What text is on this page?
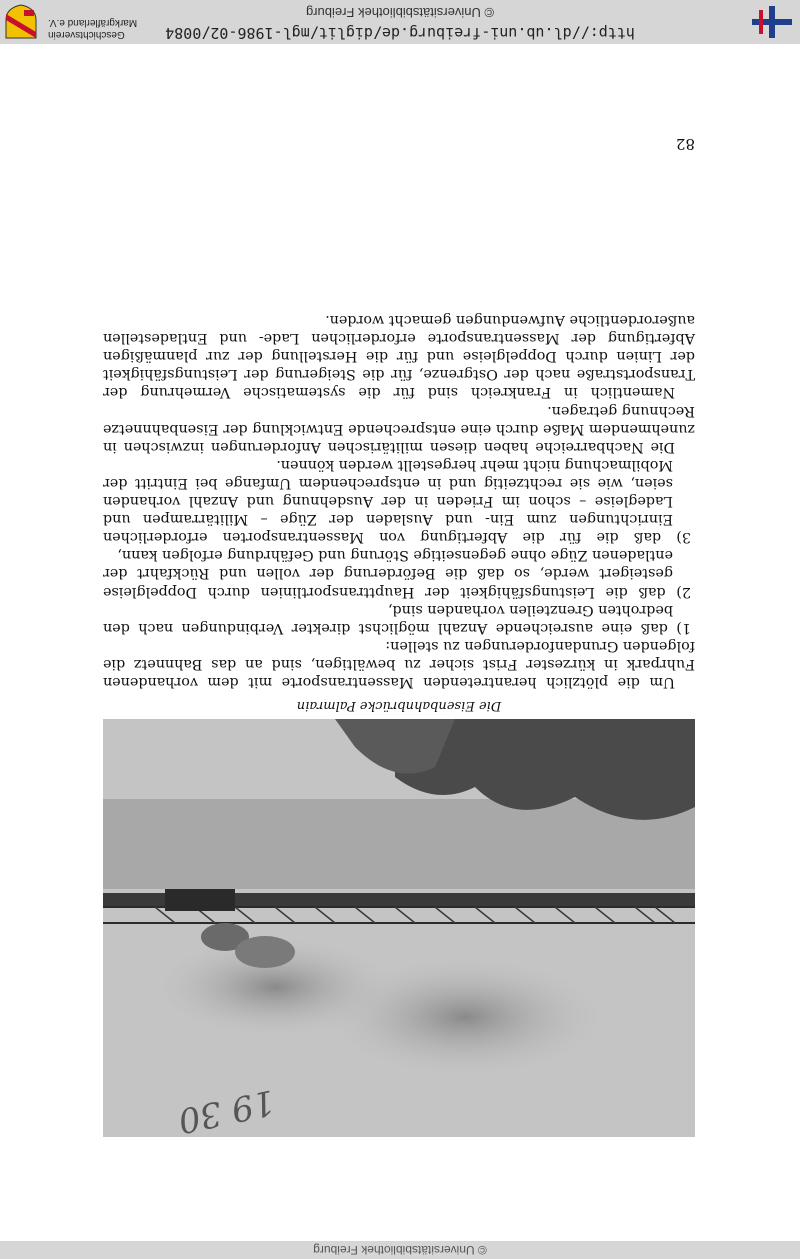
http://dl.ub.uni-freiburg.de/diglit/mgl-1986-02/0084
© Universitätsbibliothek Freiburg
Geschichtsverein
Markgräflerland e.V.
19 30
Die Eisenbahnbrücke Palmrain

Um die plötzlich herantretenden Massentransporte mit dem vorhandenen Fuhrpark in kürzester Frist sicher zu bewältigen, sind an das Bahnnetz die folgenden Grundanforderungen zu stellen:

1) daß eine ausreichende Anzahl möglichst direkter Verbindungen nach den bedrohten Grenzteilen vorhanden sind,

2) daß die Leistungsfähigkeit der Haupttransportlinien durch Doppelgleise gesteigert werde, so daß die Beförderung der vollen und Rückfahrt der entladenen Züge ohne gegenseitige Störung und Gefährdung erfolgen kann,

3) daß die für die Abfertigung von Massentransporten erforderlichen Einrichtungen zum Ein- und Ausladen der Züge – Militärrampen und Ladegleise – schon im Frieden in der Ausdehnung und Anzahl vorhanden seien, wie sie rechtzeitig und in entsprechendem Umfange bei Eintritt der Mobilmachung nicht mehr hergestellt werden können.

Die Nachbarreiche haben diesen militärischen Anforderungen inzwischen in zunehmendem Maße durch eine entsprechende Entwicklung der Eisenbahnnetze Rechnung getragen.

Namentlich in Frankreich sind für die systematische Vermehrung der Transportstraße nach der Ostgrenze, für die Steigerung der Leistungsfähigkeit der Linien durch Doppelgleise und für die Herstellung der zur planmäßigen Abfertigung der Massentransporte erforderlichen Lade- und Entladestellen außerordentliche Aufwendungen gemacht worden.

82
© Universitätsbibliothek Freiburg
